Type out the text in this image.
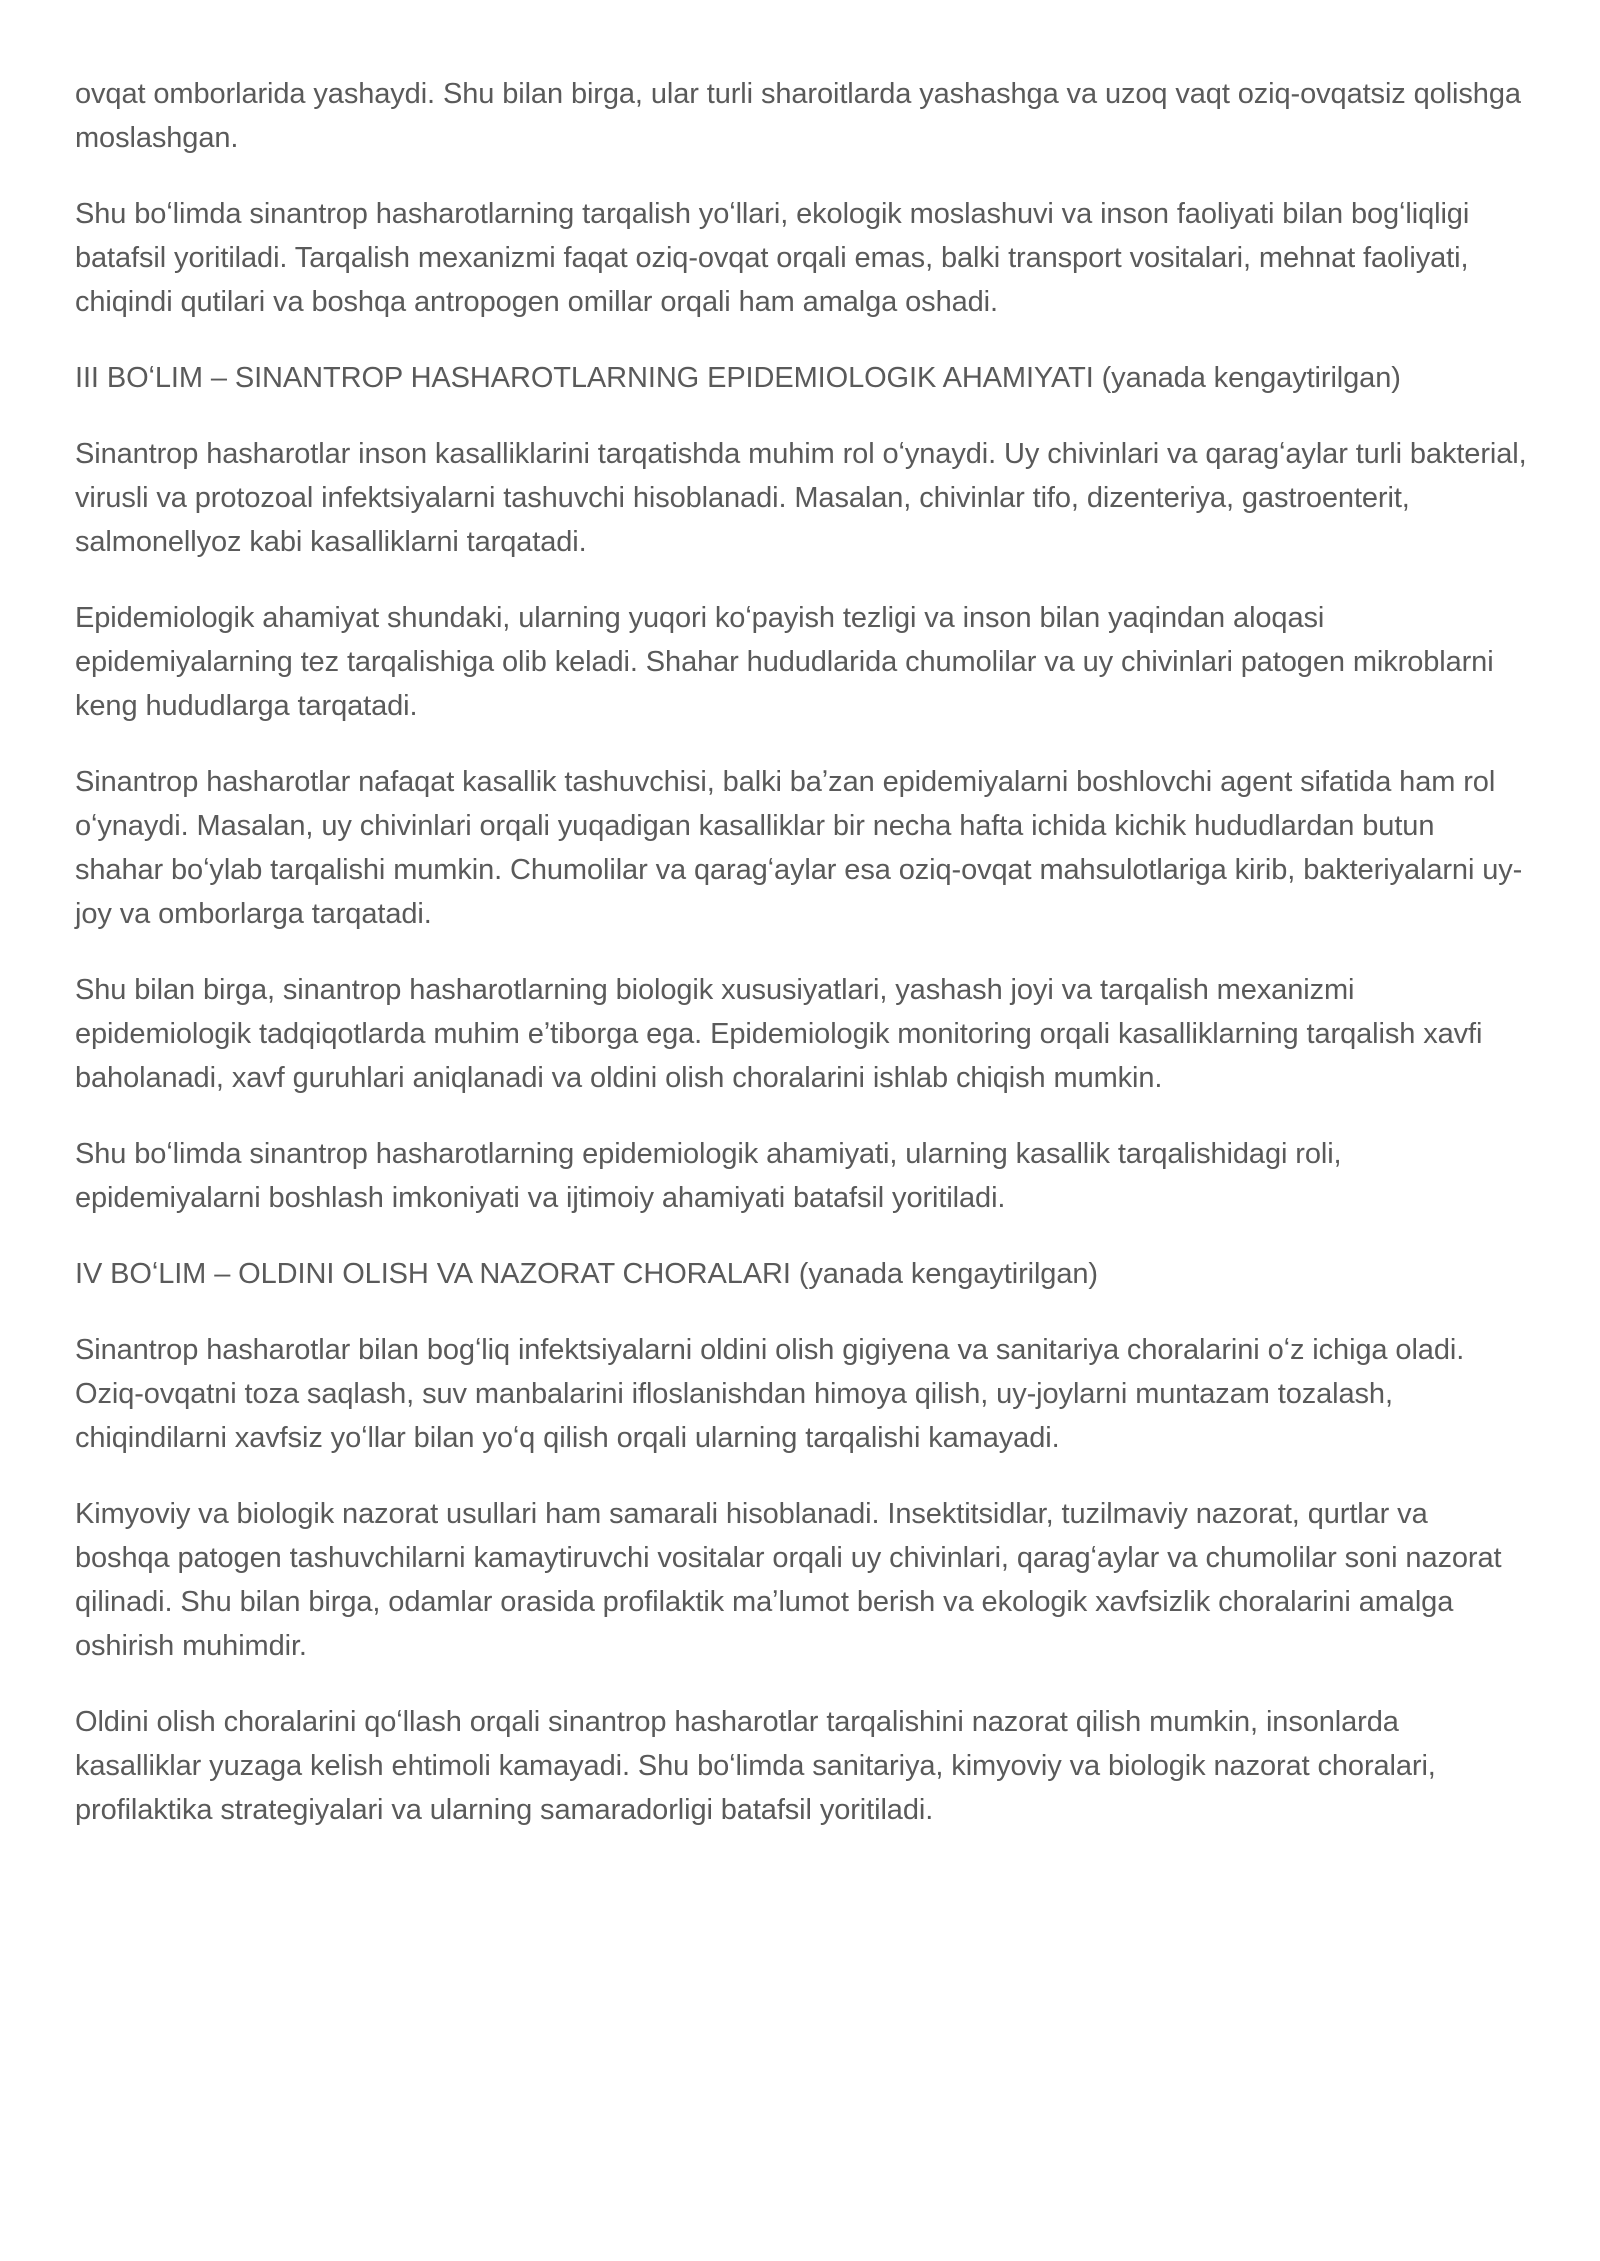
ovqat omborlarida yashaydi. Shu bilan birga, ular turli sharoitlarda yashashga va uzoq vaqt oziq-ovqatsiz qolishga moslashgan.

Shu boʻlimda sinantrop hasharotlarning tarqalish yoʻllari, ekologik moslashuvi va inson faoliyati bilan bogʻliqligi batafsil yoritiladi. Tarqalish mexanizmi faqat oziq-ovqat orqali emas, balki transport vositalari, mehnat faoliyati, chiqindi qutilari va boshqa antropogen omillar orqali ham amalga oshadi.

III BOʻLIM – SINANTROP HASHAROTLARNING EPIDEMIOLOGIK AHAMIYATI (yanada kengaytirilgan)

Sinantrop hasharotlar inson kasalliklarini tarqatishda muhim rol oʻynaydi. Uy chivinlari va qaragʻaylar turli bakterial, virusli va protozoal infektsiyalarni tashuvchi hisoblanadi. Masalan, chivinlar tifo, dizenteriya, gastroenterit, salmonellyoz kabi kasalliklarni tarqatadi.

Epidemiologik ahamiyat shundaki, ularning yuqori koʻpayish tezligi va inson bilan yaqindan aloqasi epidemiyalarning tez tarqalishiga olib keladi. Shahar hududlarida chumolilar va uy chivinlari patogen mikroblarni keng hududlarga tarqatadi.

Sinantrop hasharotlar nafaqat kasallik tashuvchisi, balki baʼzan epidemiyalarni boshlovchi agent sifatida ham rol oʻynaydi. Masalan, uy chivinlari orqali yuqadigan kasalliklar bir necha hafta ichida kichik hududlardan butun shahar boʻylab tarqalishi mumkin. Chumolilar va qaragʻaylar esa oziq-ovqat mahsulotlariga kirib, bakteriyalarni uy-joy va omborlarga tarqatadi.

Shu bilan birga, sinantrop hasharotlarning biologik xususiyatlari, yashash joyi va tarqalish mexanizmi epidemiologik tadqiqotlarda muhim eʼtiborga ega. Epidemiologik monitoring orqali kasalliklarning tarqalish xavfi baholanadi, xavf guruhlari aniqlanadi va oldini olish choralarini ishlab chiqish mumkin.

Shu boʻlimda sinantrop hasharotlarning epidemiologik ahamiyati, ularning kasallik tarqalishidagi roli, epidemiyalarni boshlash imkoniyati va ijtimoiy ahamiyati batafsil yoritiladi.

IV BOʻLIM – OLDINI OLISH VA NAZORAT CHORALARI (yanada kengaytirilgan)

Sinantrop hasharotlar bilan bogʻliq infektsiyalarni oldini olish gigiyena va sanitariya choralarini oʻz ichiga oladi. Oziq-ovqatni toza saqlash, suv manbalarini ifloslanishdan himoya qilish, uy-joylarni muntazam tozalash, chiqindilarni xavfsiz yoʻllar bilan yoʻq qilish orqali ularning tarqalishi kamayadi.

Kimyoviy va biologik nazorat usullari ham samarali hisoblanadi. Insektitsidlar, tuzilmaviy nazorat, qurtlar va boshqa patogen tashuvchilarni kamaytiruvchi vositalar orqali uy chivinlari, qaragʻaylar va chumolilar soni nazorat qilinadi. Shu bilan birga, odamlar orasida profilaktik maʼlumot berish va ekologik xavfsizlik choralarini amalga oshirish muhimdir.

Oldini olish choralarini qoʻllash orqali sinantrop hasharotlar tarqalishini nazorat qilish mumkin, insonlarda kasalliklar yuzaga kelish ehtimoli kamayadi. Shu boʻlimda sanitariya, kimyoviy va biologik nazorat choralari, profilaktika strategiyalari va ularning samaradorligi batafsil yoritiladi.
